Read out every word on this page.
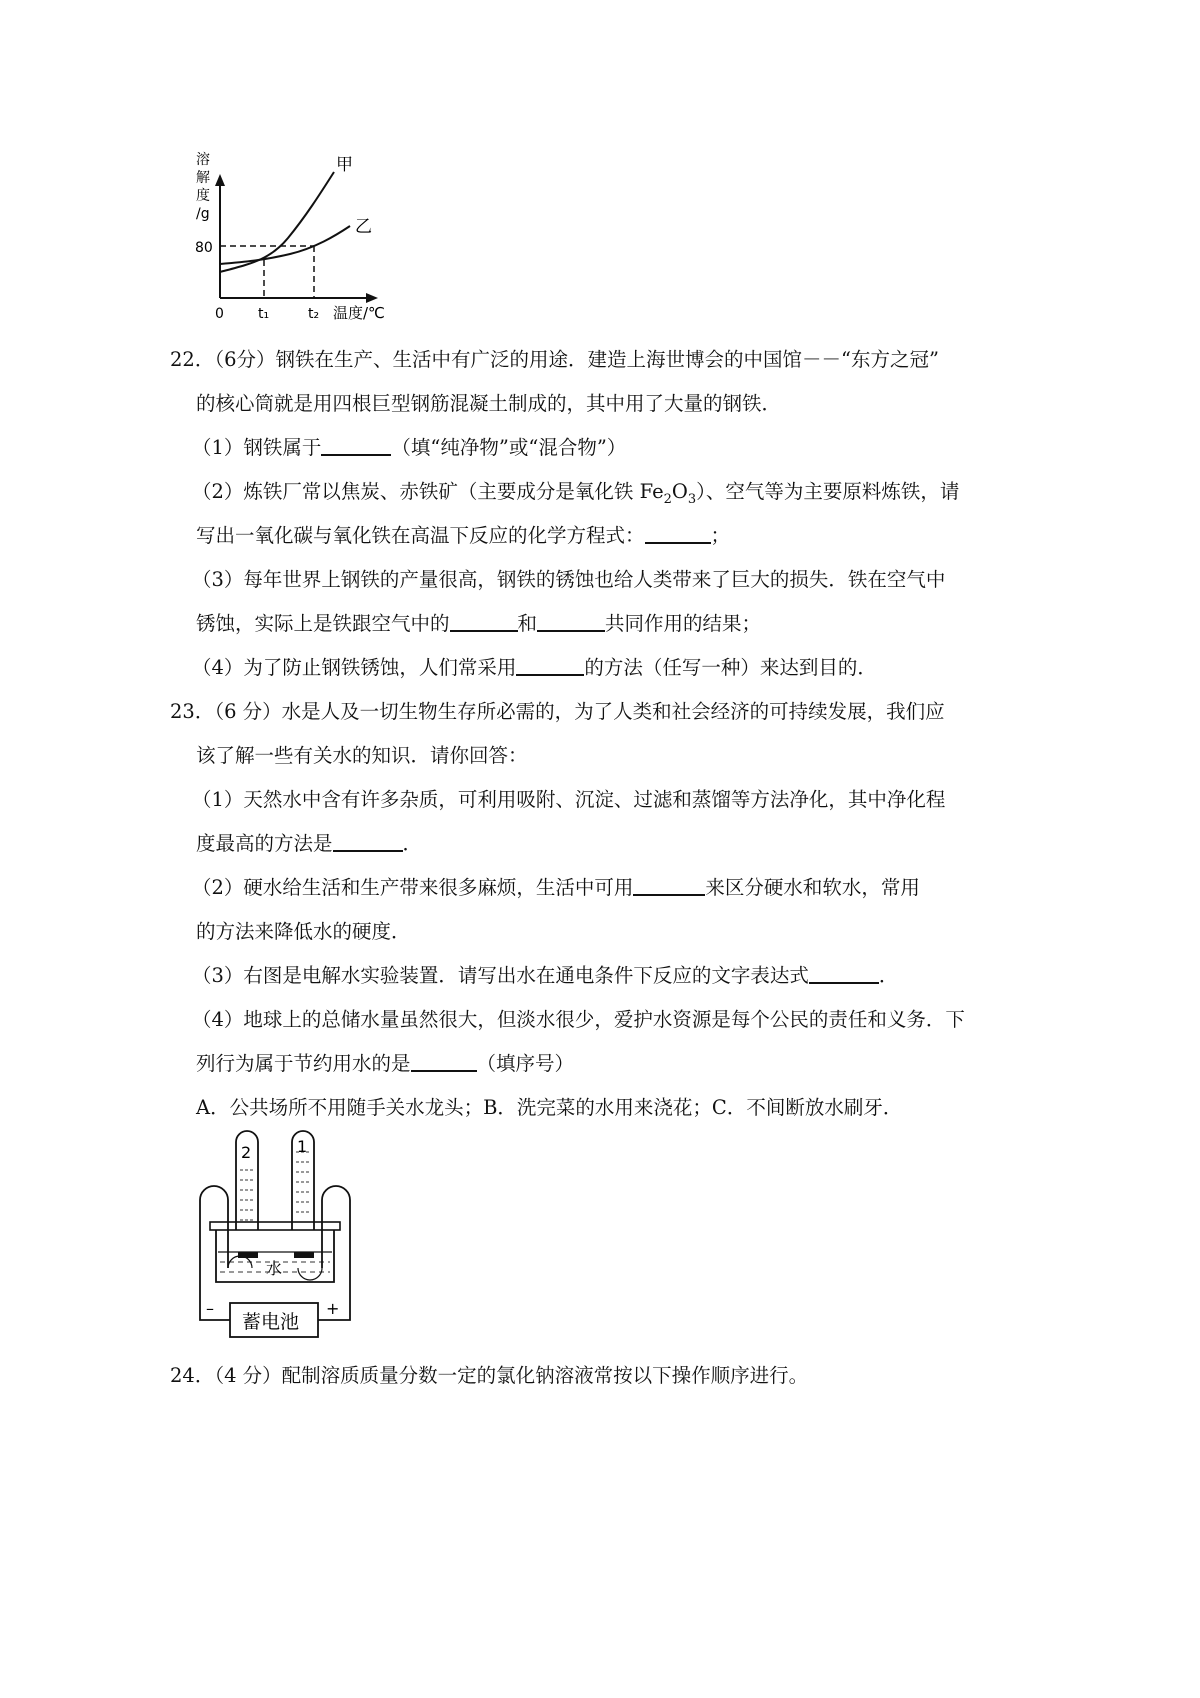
溶
解
度
/g
甲
乙
80
0 t₁	t₂ 温度/℃
22．（6分）钢铁在生产、生活中有广泛的用途．建造上海世博会的中国馆－－“东方之冠”
的核心筒就是用四根巨型钢筋混凝土制成的，其中用了大量的钢铁．
（1）钢铁属于	（填“纯净物”或“混合物”）
（2）炼铁厂常以焦炭、赤铁矿（主要成分是氧化铁 $Fe_2O_3$）、空气等为主要原料炼铁，请
写出一氧化碳与氧化铁在高温下反应的化学方程式：	；
（3）每年世界上钢铁的产量很高，钢铁的锈蚀也给人类带来了巨大的损失．铁在空气中
锈蚀，实际上是铁跟空气中的	和	共同作用的结果；
（4）为了防止钢铁锈蚀，人们常采用	的方法（任写一种）来达到目的．
23．（6 分）水是人及一切生物生存所必需的，为了人类和社会经济的可持续发展，我们应
该了解一些有关水的知识．请你回答：
（1）天然水中含有许多杂质，可利用吸附、沉淀、过滤和蒸馏等方法净化，其中净化程
度最高的方法是	．
（2）硬水给生活和生产带来很多麻烦，生活中可用	来区分硬水和软水，常用
的方法来降低水的硬度．
（3）右图是电解水实验装置．请写出水在通电条件下反应的文字表达式	．
（4）地球上的总储水量虽然很大，但淡水很少，爱护水资源是每个公民的责任和义务．下
列行为属于节约用水的是	（填序号）
A．公共场所不用随手关水龙头；B．洗完菜的水用来浇花；C．不间断放水刷牙．
2	1
水
蓄电池
–	+
24．（4 分）配制溶质质量分数一定的氯化钠溶液常按以下操作顺序进行。
